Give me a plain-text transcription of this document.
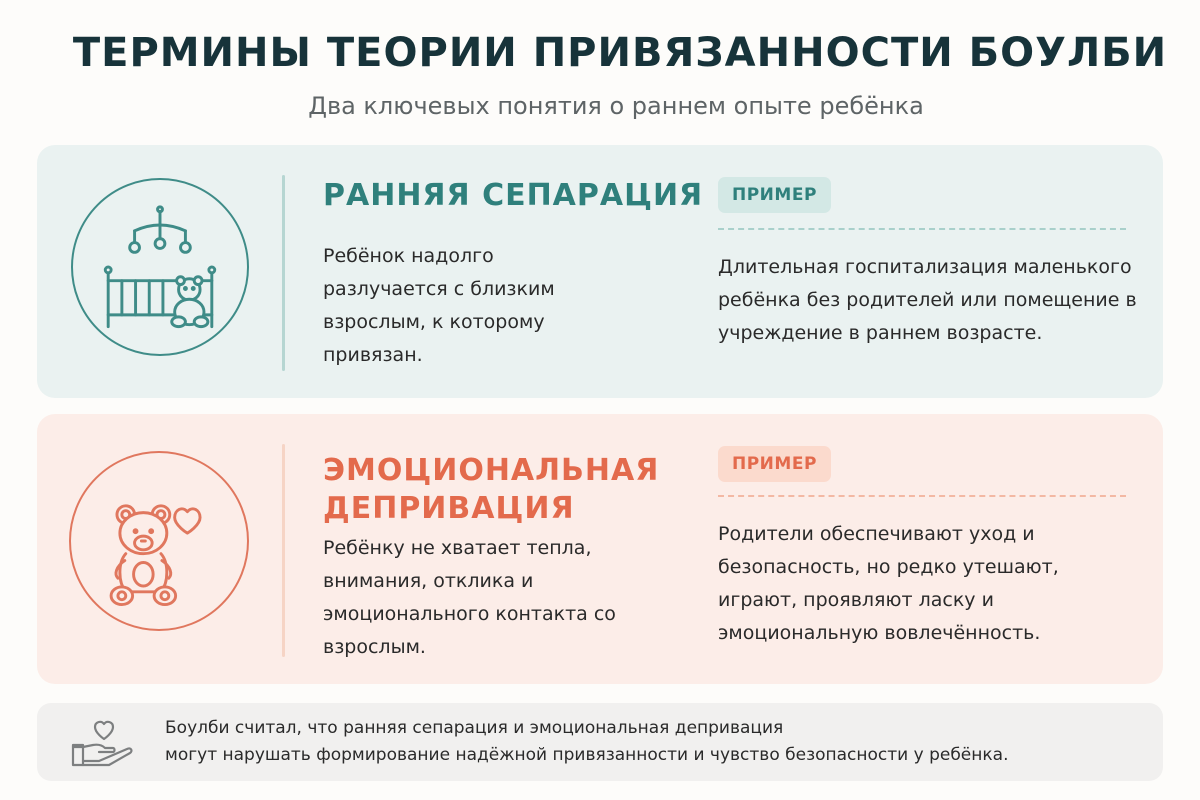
ТЕРМИНЫ ТЕОРИИ ПРИВЯЗАННОСТИ БОУЛБИ
Два ключевых понятия о раннем опыте ребёнка
РАННЯЯ СЕПАРАЦИЯ
Ребёнок надолго разлучается с близким взрослым, к которому привязан.
ПРИМЕР
Длительная госпитализация маленького ребёнка без родителей или помещение в учреждение в раннем возрасте.
ЭМОЦИОНАЛЬНАЯ ДЕПРИВАЦИЯ
Ребёнку не хватает тепла, внимания, отклика и эмоционального контакта со взрослым.
ПРИМЕР
Родители обеспечивают уход и безопасность, но редко утешают, играют, проявляют ласку и эмоциональную вовлечённость.
Боулби считал, что ранняя сепарация и эмоциональная депривация
могут нарушать формирование надёжной привязанности и чувство безопасности у ребёнка.
